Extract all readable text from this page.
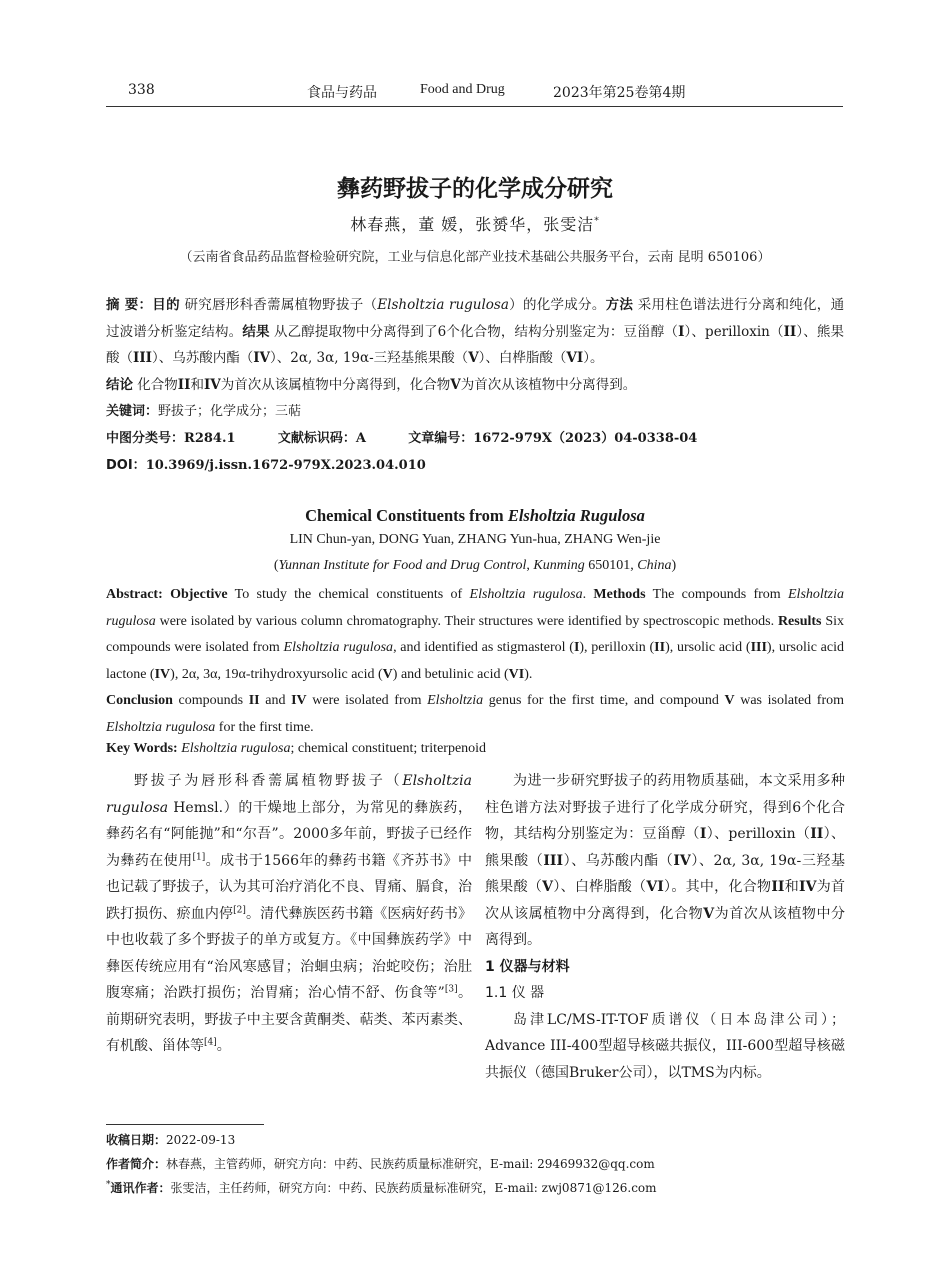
338	食品与药品	Food and Drug	2023年第25卷第4期
彝药野拔子的化学成分研究
林春燕，董 媛，张赟华，张雯洁*
（云南省食品药品监督检验研究院，工业与信息化部产业技术基础公共服务平台，云南 昆明 650106）
摘 要：目的 研究唇形科香薷属植物野拔子（Elsholtzia rugulosa）的化学成分。方法 采用柱色谱法进行分离和纯化，通过波谱分析鉴定结构。结果 从乙醇提取物中分离得到了6个化合物，结构分别鉴定为：豆甾醇（I）、perilloxin（II）、熊果酸（III）、乌苏酸内酯（IV）、2α, 3α, 19α-三羟基熊果酸（V）、白桦脂酸（VI）。
结论 化合物II和IV为首次从该属植物中分离得到，化合物V为首次从该植物中分离得到。
关键词：野拔子；化学成分；三萜
中图分类号：R284.1	文献标识码：A	文章编号：1672-979X（2023）04-0338-04
DOI：10.3969/j.issn.1672-979X.2023.04.010
Chemical Constituents from Elsholtzia Rugulosa
LIN Chun-yan, DONG Yuan, ZHANG Yun-hua, ZHANG Wen-jie
(Yunnan Institute for Food and Drug Control, Kunming 650101, China)
Abstract: Objective To study the chemical constituents of Elsholtzia rugulosa. Methods The compounds from Elsholtzia rugulosa were isolated by various column chromatography. Their structures were identified by spectroscopic methods. Results Six compounds were isolated from Elsholtzia rugulosa, and identified as stigmasterol (I), perilloxin (II), ursolic acid (III), ursolic acid lactone (IV), 2α, 3α, 19α-trihydroxyursolic acid (V) and betulinic acid (VI).
Conclusion compounds II and IV were isolated from Elsholtzia genus for the first time, and compound V was isolated from Elsholtzia rugulosa for the first time.
Key Words: Elsholtzia rugulosa; chemical constituent; triterpenoid

野拔子为唇形科香薷属植物野拔子（Elsholtzia rugulosa Hemsl.）的干燥地上部分，为常见的彝族药，彝药名有“阿能抛”和“尔吾”。2000多年前，野拔子已经作为彝药在使用[1]。成书于1566年的彝药书籍《齐苏书》中也记载了野拔子，认为其可治疗消化不良、胃痛、膈食，治跌打损伤、瘀血内停[2]。清代彝族医药书籍《医病好药书》中也收载了多个野拔子的单方或复方。《中国彝族药学》中彝医传统应用有“治风寒感冒；治蛔虫病；治蛇咬伤；治肚腹寒痛；治跌打损伤；治胃痛；治心情不舒、伤食等”[3]。前期研究表明，野拔子中主要含黄酮类、萜类、苯丙素类、有机酸、甾体等[4]。

为进一步研究野拔子的药用物质基础，本文采用多种柱色谱方法对野拔子进行了化学成分研究，得到6个化合物，其结构分别鉴定为：豆甾醇（I）、perilloxin（II）、熊果酸（III）、乌苏酸内酯（IV）、2α, 3α, 19α-三羟基熊果酸（V）、白桦脂酸（VI）。其中，化合物II和IV为首次从该属植物中分离得到，化合物V为首次从该植物中分离得到。

1 仪器与材料

1.1 仪 器

岛津LC/MS-IT-TOF质谱仪（日本岛津公司）；Advance III-400型超导核磁共振仪，III-600型超导核磁共振仪（德国Bruker公司），以TMS为内标。

收稿日期：2022-09-13
作者简介：林春燕，主管药师，研究方向：中药、民族药质量标准研究，E-mail: 29469932@qq.com
*通讯作者：张雯洁，主任药师，研究方向：中药、民族药质量标准研究，E-mail: zwj0871@126.com
